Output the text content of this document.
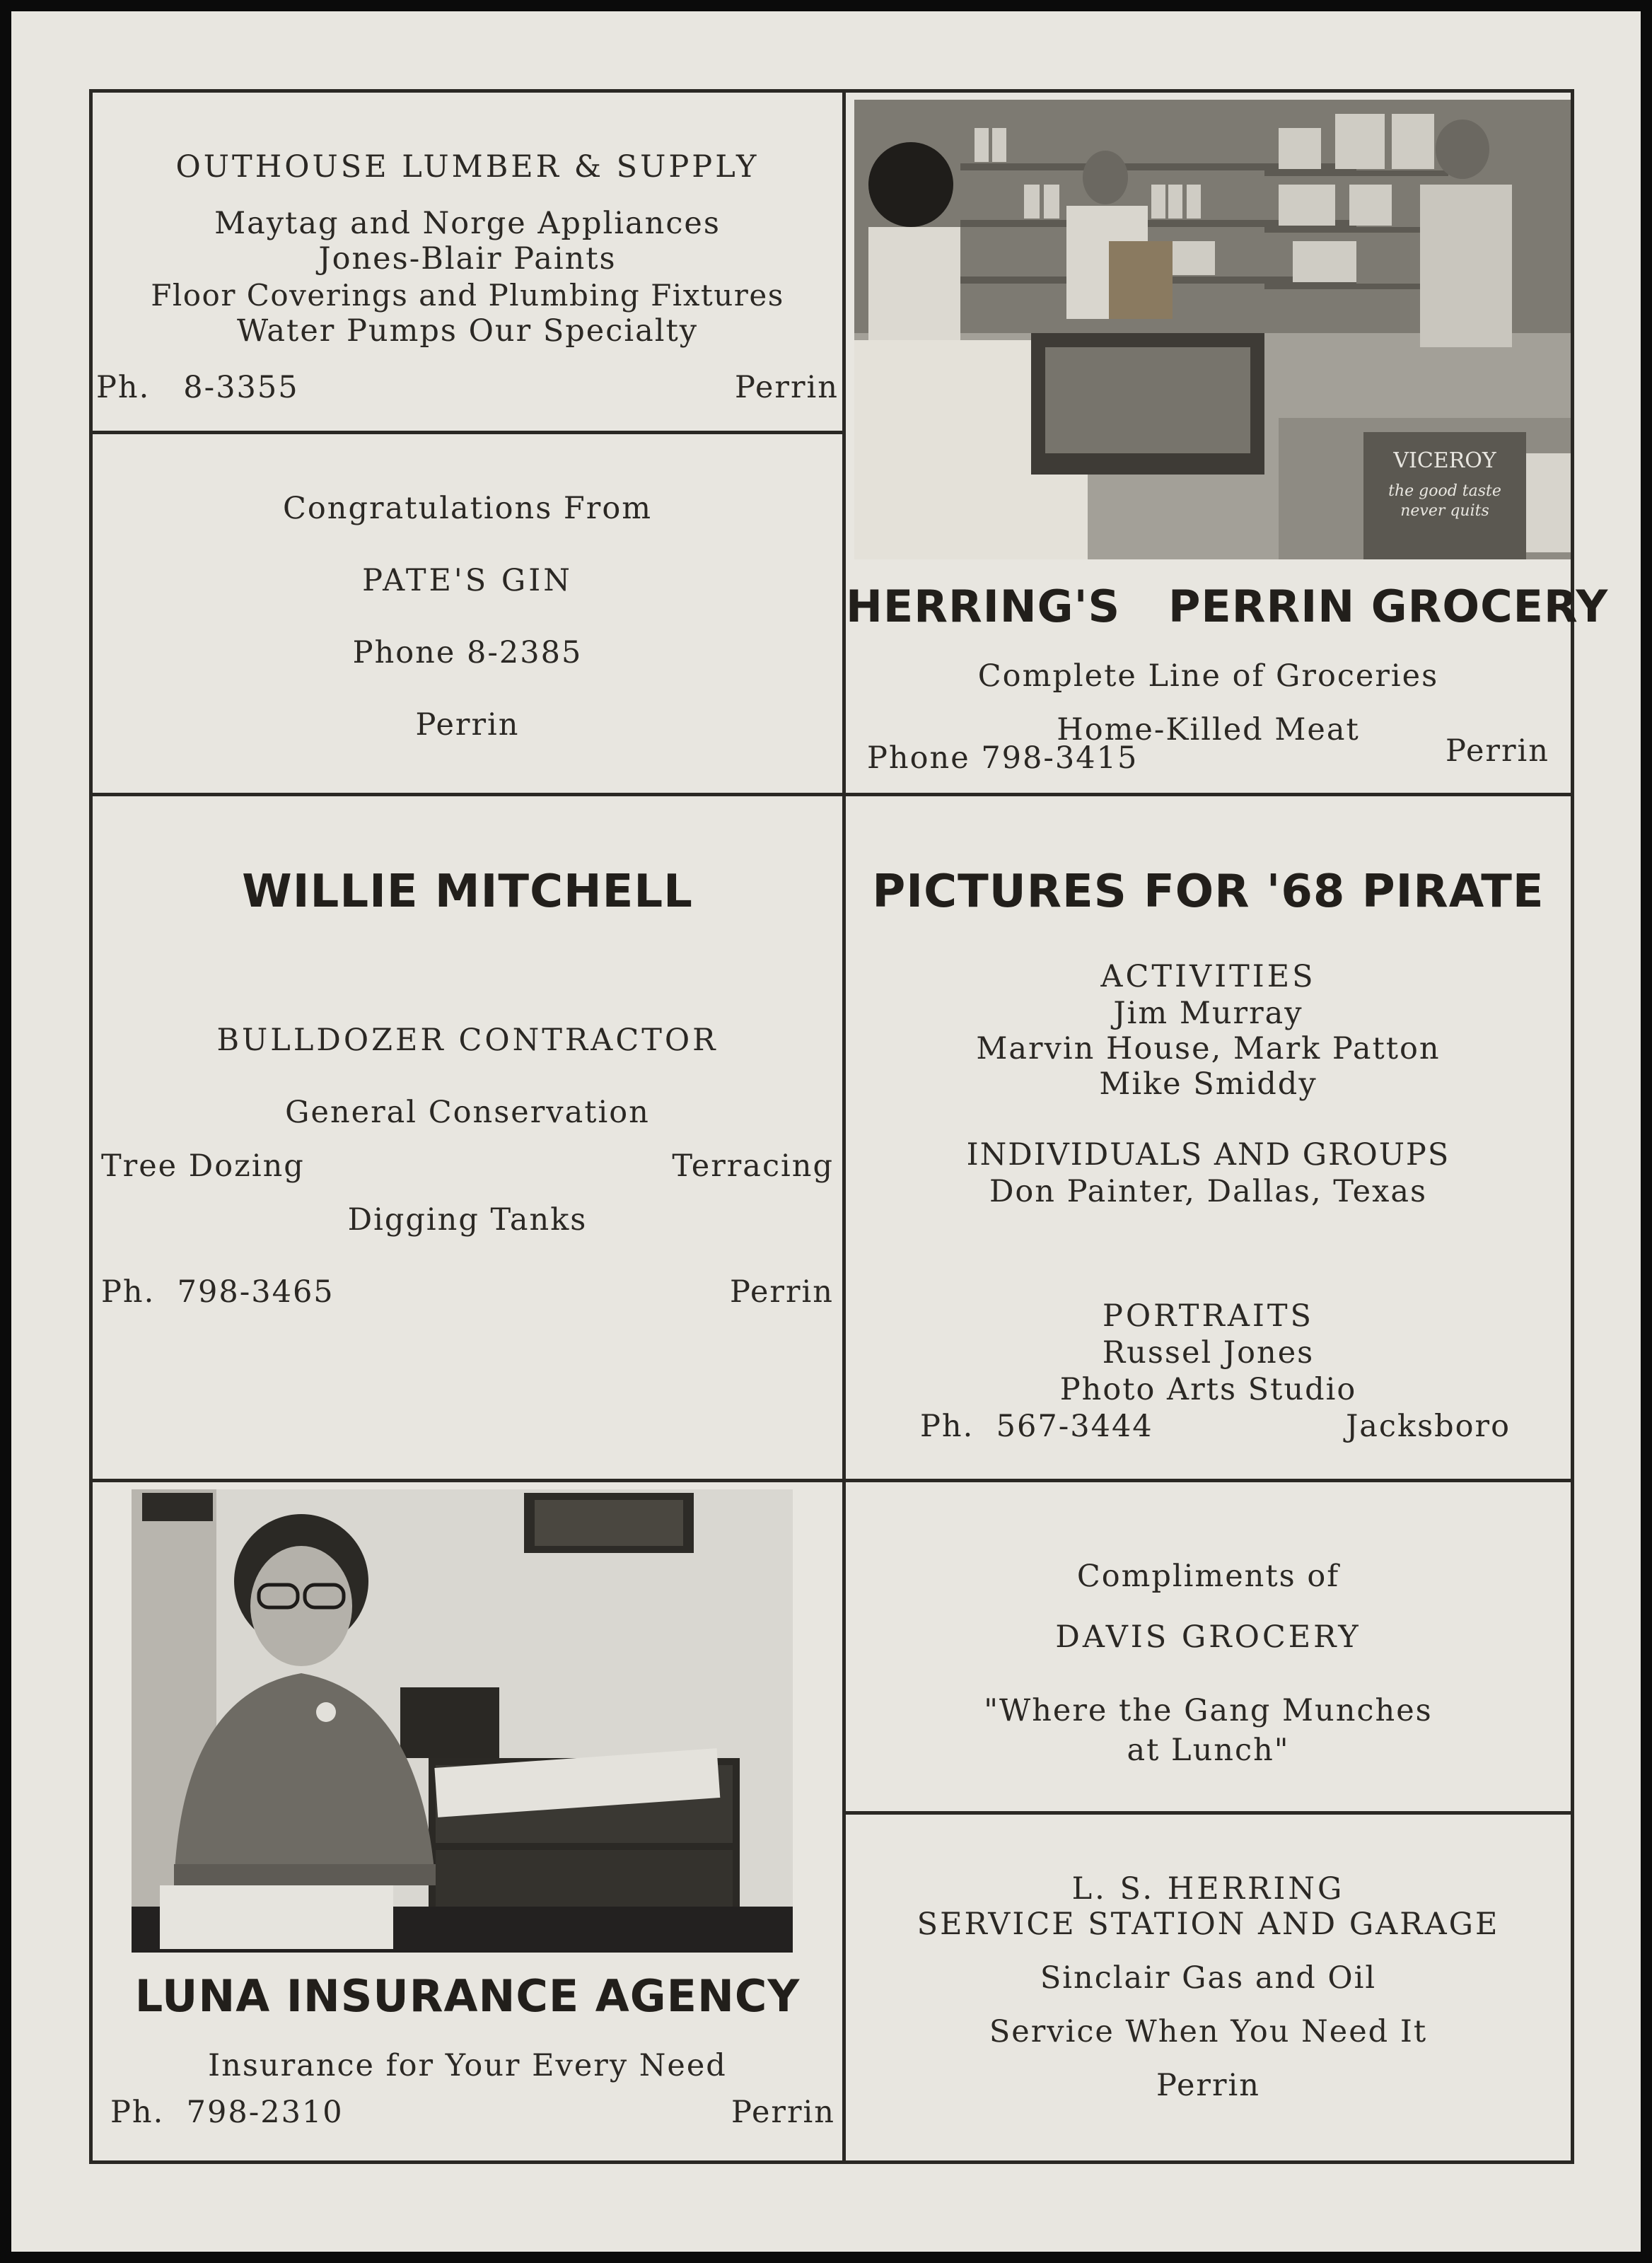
OUTHOUSE LUMBER & SUPPLY
Maytag and Norge Appliances
Jones-Blair Paints
Floor Coverings and Plumbing Fixtures
Water Pumps Our Specialty
Ph.   8-3355	Perrin
Congratulations From
PATE'S GIN
Phone 8-2385
Perrin
VICEROY
the good taste
never quits
HERRING'S   PERRIN GROCERY
Complete Line of Groceries
Home-Killed Meat
Phone 798-3415	Perrin
WILLIE MITCHELL
BULLDOZER CONTRACTOR
General Conservation
Tree Dozing	Terracing
Digging Tanks
Ph.  798-3465	Perrin
PICTURES FOR '68 PIRATE
ACTIVITIES
Jim Murray
Marvin House, Mark Patton
Mike Smiddy
INDIVIDUALS AND GROUPS
Don Painter, Dallas, Texas
PORTRAITS
Russel Jones
Photo Arts Studio
Ph.  567-3444	Jacksboro
LUNA INSURANCE AGENCY
Insurance for Your Every Need
Ph.  798-2310	Perrin
Compliments of
DAVIS GROCERY
"Where the Gang Munches
at Lunch"
L. S. HERRING
SERVICE STATION AND GARAGE
Sinclair Gas and Oil
Service When You Need It
Perrin
